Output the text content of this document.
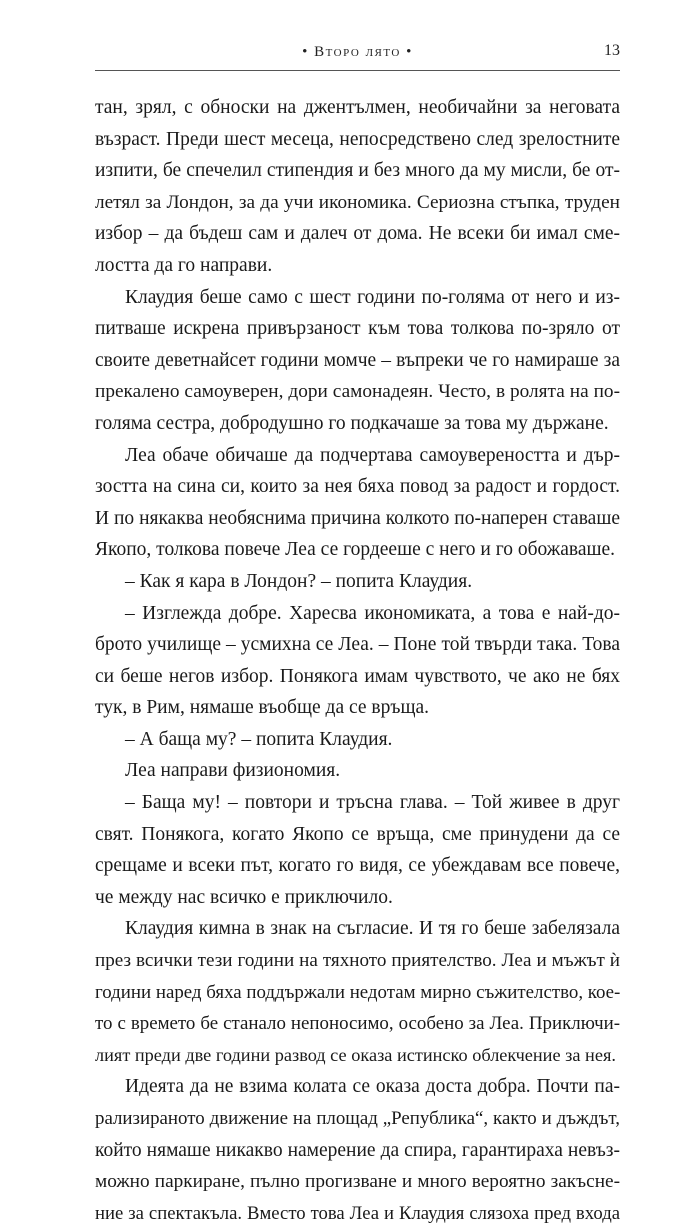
• Второ лято •	13
тан, зрял, с обноски на джентълмен, необичайни за неговата
възраст. Преди шест месеца, непосредствено след зрелостните
изпити, бе спечелил стипендия и без много да му мисли, бе от-
летял за Лондон, за да учи икономика. Сериозна стъпка, труден
избор – да бъдеш сам и далеч от дома. Не всеки би имал сме-
лостта да го направи.
Клаудия беше само с шест години по-голяма от него и из-
питваше искрена привързаност към това толкова по-зряло от
своите деветнайсет години момче – въпреки че го намираше за
прекалено самоуверен, дори самонадеян. Често, в ролята на по-
голяма сестра, добродушно го подкачаше за това му държане.
Леа обаче обичаше да подчертава самоувереността и дър-
зостта на сина си, които за нея бяха повод за радост и гордост.
И по някаква необяснима причина колкото по-наперен ставаше
Якопо, толкова повече Леа се гордееше с него и го обожаваше.
– Как я кара в Лондон? – попита Клаудия.
– Изглежда добре. Харесва икономиката, а това е най-до-
брото училище – усмихна се Леа. – Поне той твърди така. Това
си беше негов избор. Понякога имам чувството, че ако не бях
тук, в Рим, нямаше въобще да се връща.
– А баща му? – попита Клаудия.
Леа направи физиономия.
– Баща му! – повтори и тръсна глава. – Той живее в друг
свят. Понякога, когато Якопо се връща, сме принудени да се
срещаме и всеки път, когато го видя, се убеждавам все повече,
че между нас всичко е приключило.
Клаудия кимна в знак на съгласие. И тя го беше забелязала
през всички тези години на тяхното приятелство. Леа и мъжът ѝ
години наред бяха поддържали недотам мирно съжителство, кое-
то с времето бе станало непоносимо, особено за Леа. Приключи-
лият преди две години развод се оказа истинско облекчение за нея.
Идеята да не взима колата се оказа доста добра. Почти па-
рализираното движение на площад „Република“, както и дъждът,
който нямаше никакво намерение да спира, гарантираха невъз-
можно паркиране, пълно прогизване и много вероятно закъсне-
ние за спектакъла. Вместо това Леа и Клаудия слязоха пред входа
